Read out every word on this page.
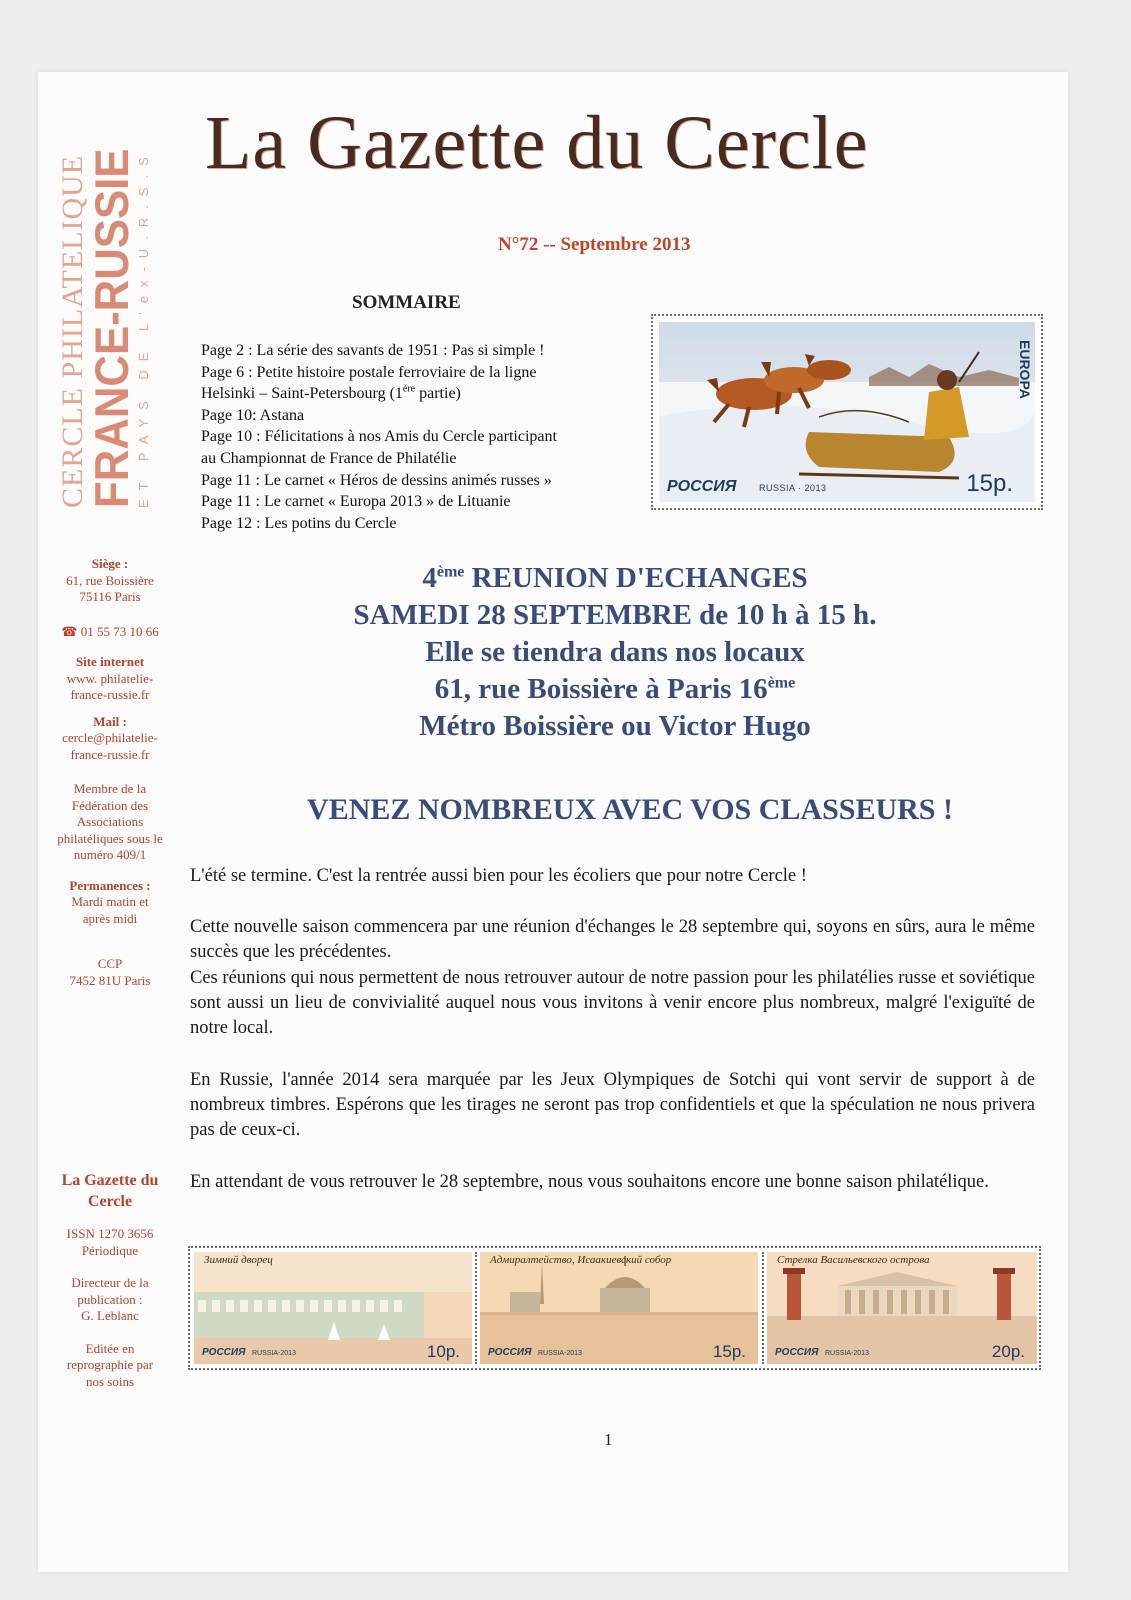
CERCLE PHILATELIQUE
FRANCE-RUSSIE
ET PAYS DE L'ex-U.R.S.S
La Gazette du Cercle
N°72 -- Septembre 2013
SOMMAIRE
Page 2 : La série des savants de 1951 : Pas si simple !
Page 6 : Petite histoire postale ferroviaire de la ligne
Helsinki – Saint-Petersbourg (1ère partie)
Page 10: Astana
Page 10 : Félicitations à nos Amis du Cercle participant
au Championnat de France de Philatélie
Page 11 : Le carnet « Héros de dessins animés russes »
Page 11 : Le carnet « Europa 2013 » de Lituanie
Page 12 : Les potins du Cercle
EUROPA
РОССИЯ	RUSSIA · 2013	15р.
Siège :
61, rue Boissière
75116 Paris
☎ 01 55 73 10 66
Site internet
www. philatelie-
france-russie.fr
Mail :
cercle@philatelie-
france-russie.fr
Membre de la
Fédération des
Associations
philatéliques sous le
numéro 409/1
Permanences :
Mardi matin et
après midi
CCP
7452 81U Paris
La Gazette du
Cercle
ISSN 1270 3656
Périodique
Directeur de la
publication :
G. Leblanc
Editée en
reprographie par
nos soins
4ème REUNION D'ECHANGES
SAMEDI 28 SEPTEMBRE de 10 h à 15 h.
Elle se tiendra dans nos locaux
61, rue Boissière à Paris 16ème
Métro Boissière ou Victor Hugo
VENEZ NOMBREUX AVEC VOS CLASSEURS !
L'été se termine. C'est la rentrée aussi bien pour les écoliers que pour notre Cercle !
Cette nouvelle saison commencera par une réunion d'échanges le 28 septembre qui, soyons en sûrs, aura le même succès que les précédentes.
Ces réunions qui nous permettent de nous retrouver autour de notre passion pour les philatélies russe et soviétique sont aussi un lieu de convivialité auquel nous vous invitons à venir encore plus nombreux, malgré l'exiguïté de notre local.
En Russie, l'année 2014 sera marquée par les Jeux Olympiques de Sotchi qui vont servir de support à de nombreux timbres. Espérons que les tirages ne seront pas trop confidentiels et que la spéculation ne nous privera pas de ceux-ci.
En attendant de vous retrouver le 28 septembre, nous vous souhaitons encore une bonne saison philatélique.
Зимний дворец
РОССИЯ RUSSIA-2013	10р.
Адмиралтейство, Исаакиевский собор
РОССИЯ RUSSIA-2013	15р.
Стрелка Васильевского острова
РОССИЯ RUSSIA-2013	20р.
1
